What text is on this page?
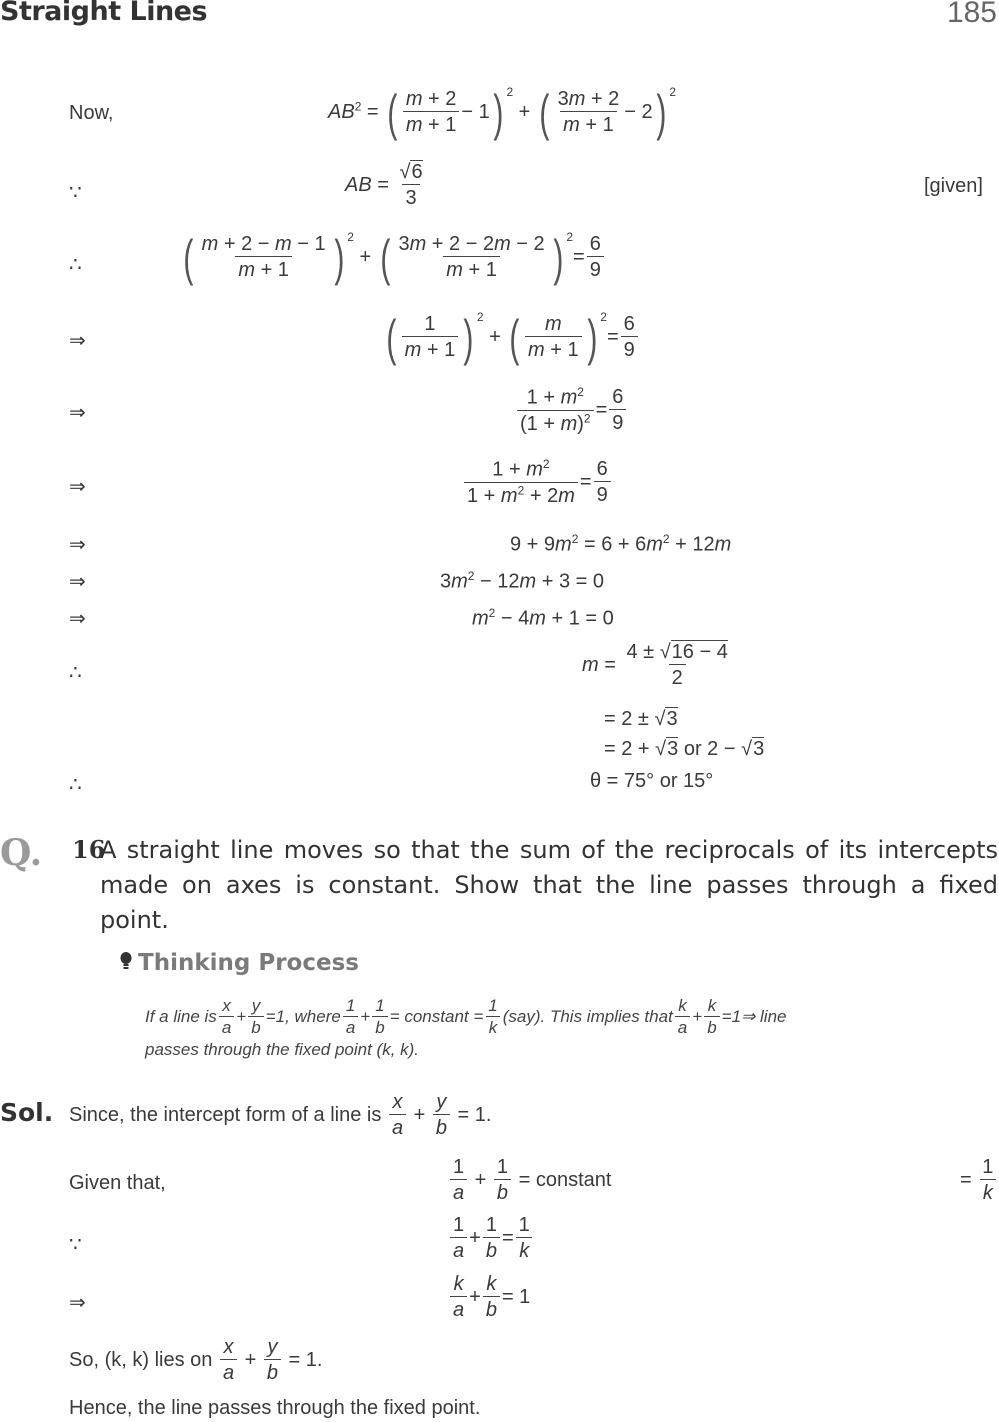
Straight Lines	185
Now,	$AB^2$ = ( $\frac{m + 2}{m + 1} - 1$ ) $^2$ + ( $\frac{3m + 2}{m + 1} - 2$ ) $^2$
∵	AB = $\frac{√6}{3}$	[given]
∴ ( $\frac{m + 2 - m - 1}{m + 1}$ ) $^2$ + ( $\frac{3m + 2 - 2m - 2}{m + 1}$ ) $^2= \frac{6}{9}$
⇒	( $\frac{1}{m + 1}$ ) $^2$ + ( $\frac{m}{m + 1}$ ) $^2= \frac{6}{9}$
⇒	$\frac{1 + m^2}{(1 + m)^2} = \frac{6}{9}$
⇒	$\frac{1 + m^2}{1 + m^2 + 2m} = \frac{6}{9}$
⇒	$9 + 9m^2 = 6 + 6m^2 + 12m$
⇒	$3m^2 - 12m + 3 = 0$
⇒	$m^2 - 4m + 1 = 0$
∴	$m = \frac{4 \pm √16 - 4}{2}$
= 2 ± √3
= 2 + √3 or 2 − √3
∴	θ = 75° or 15°
Q. 16
A straight line moves so that the sum of the reciprocals of its intercepts made on axes is constant. Show that the line passes through a fixed point.
Thinking Process
If a line is $\frac{x}{a} + \frac{y}{b} =1$, where $\frac{1}{a} + \frac{1}{b}$ = constant = $\frac{1}{k} (say)$. This implies that $\frac{k}{a} + \frac{k}{b}$ =1⇒ line
passes through the fixed point (k, k).
Sol. Since, the intercept form of a line is $\frac{x}{a} + \frac{y}{b} = 1$.
Given that,	$\frac{1}{a} + \frac{1}{b}$ = constant	= $\frac{1}{k}$
∵	$\frac{1}{a} + \frac{1}{b} = \frac{1}{k}$
⇒	$\frac{k}{a} + \frac{k}{b} = 1$
So, (k, k) lies on $\frac{x}{a} + \frac{y}{b} = 1$.
Hence, the line passes through the fixed point.
